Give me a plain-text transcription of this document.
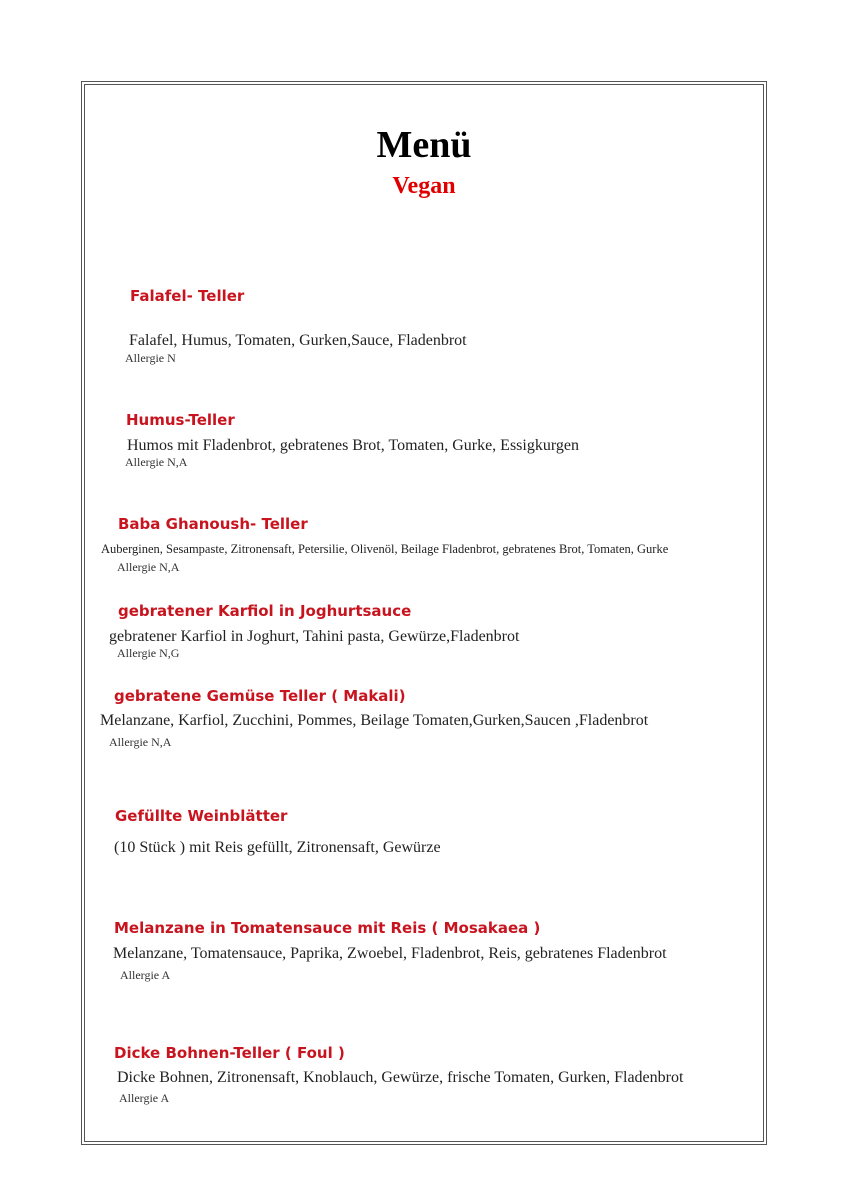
Menü
Vegan
Falafel- Teller
Falafel, Humus, Tomaten, Gurken,Sauce, Fladenbrot
Allergie N
Humus-Teller
Humos mit Fladenbrot, gebratenes Brot, Tomaten, Gurke, Essigkurgen
Allergie N,A
Baba Ghanoush- Teller
Auberginen, Sesampaste, Zitronensaft, Petersilie, Olivenöl, Beilage Fladenbrot, gebratenes Brot, Tomaten, Gurke
Allergie N,A
gebratener Karfiol in Joghurtsauce
gebratener Karfiol in Joghurt, Tahini pasta, Gewürze,Fladenbrot
Allergie N,G
gebratene Gemüse Teller ( Makali)
Melanzane, Karfiol, Zucchini, Pommes, Beilage Tomaten,Gurken,Saucen ,Fladenbrot
Allergie N,A
Gefüllte Weinblätter
(10 Stück ) mit Reis gefüllt, Zitronensaft, Gewürze
Melanzane in Tomatensauce mit Reis ( Mosakaea )
Melanzane, Tomatensauce, Paprika, Zwoebel, Fladenbrot, Reis, gebratenes Fladenbrot
Allergie A
Dicke Bohnen-Teller ( Foul )
Dicke Bohnen, Zitronensaft, Knoblauch, Gewürze, frische Tomaten, Gurken, Fladenbrot
Allergie A
